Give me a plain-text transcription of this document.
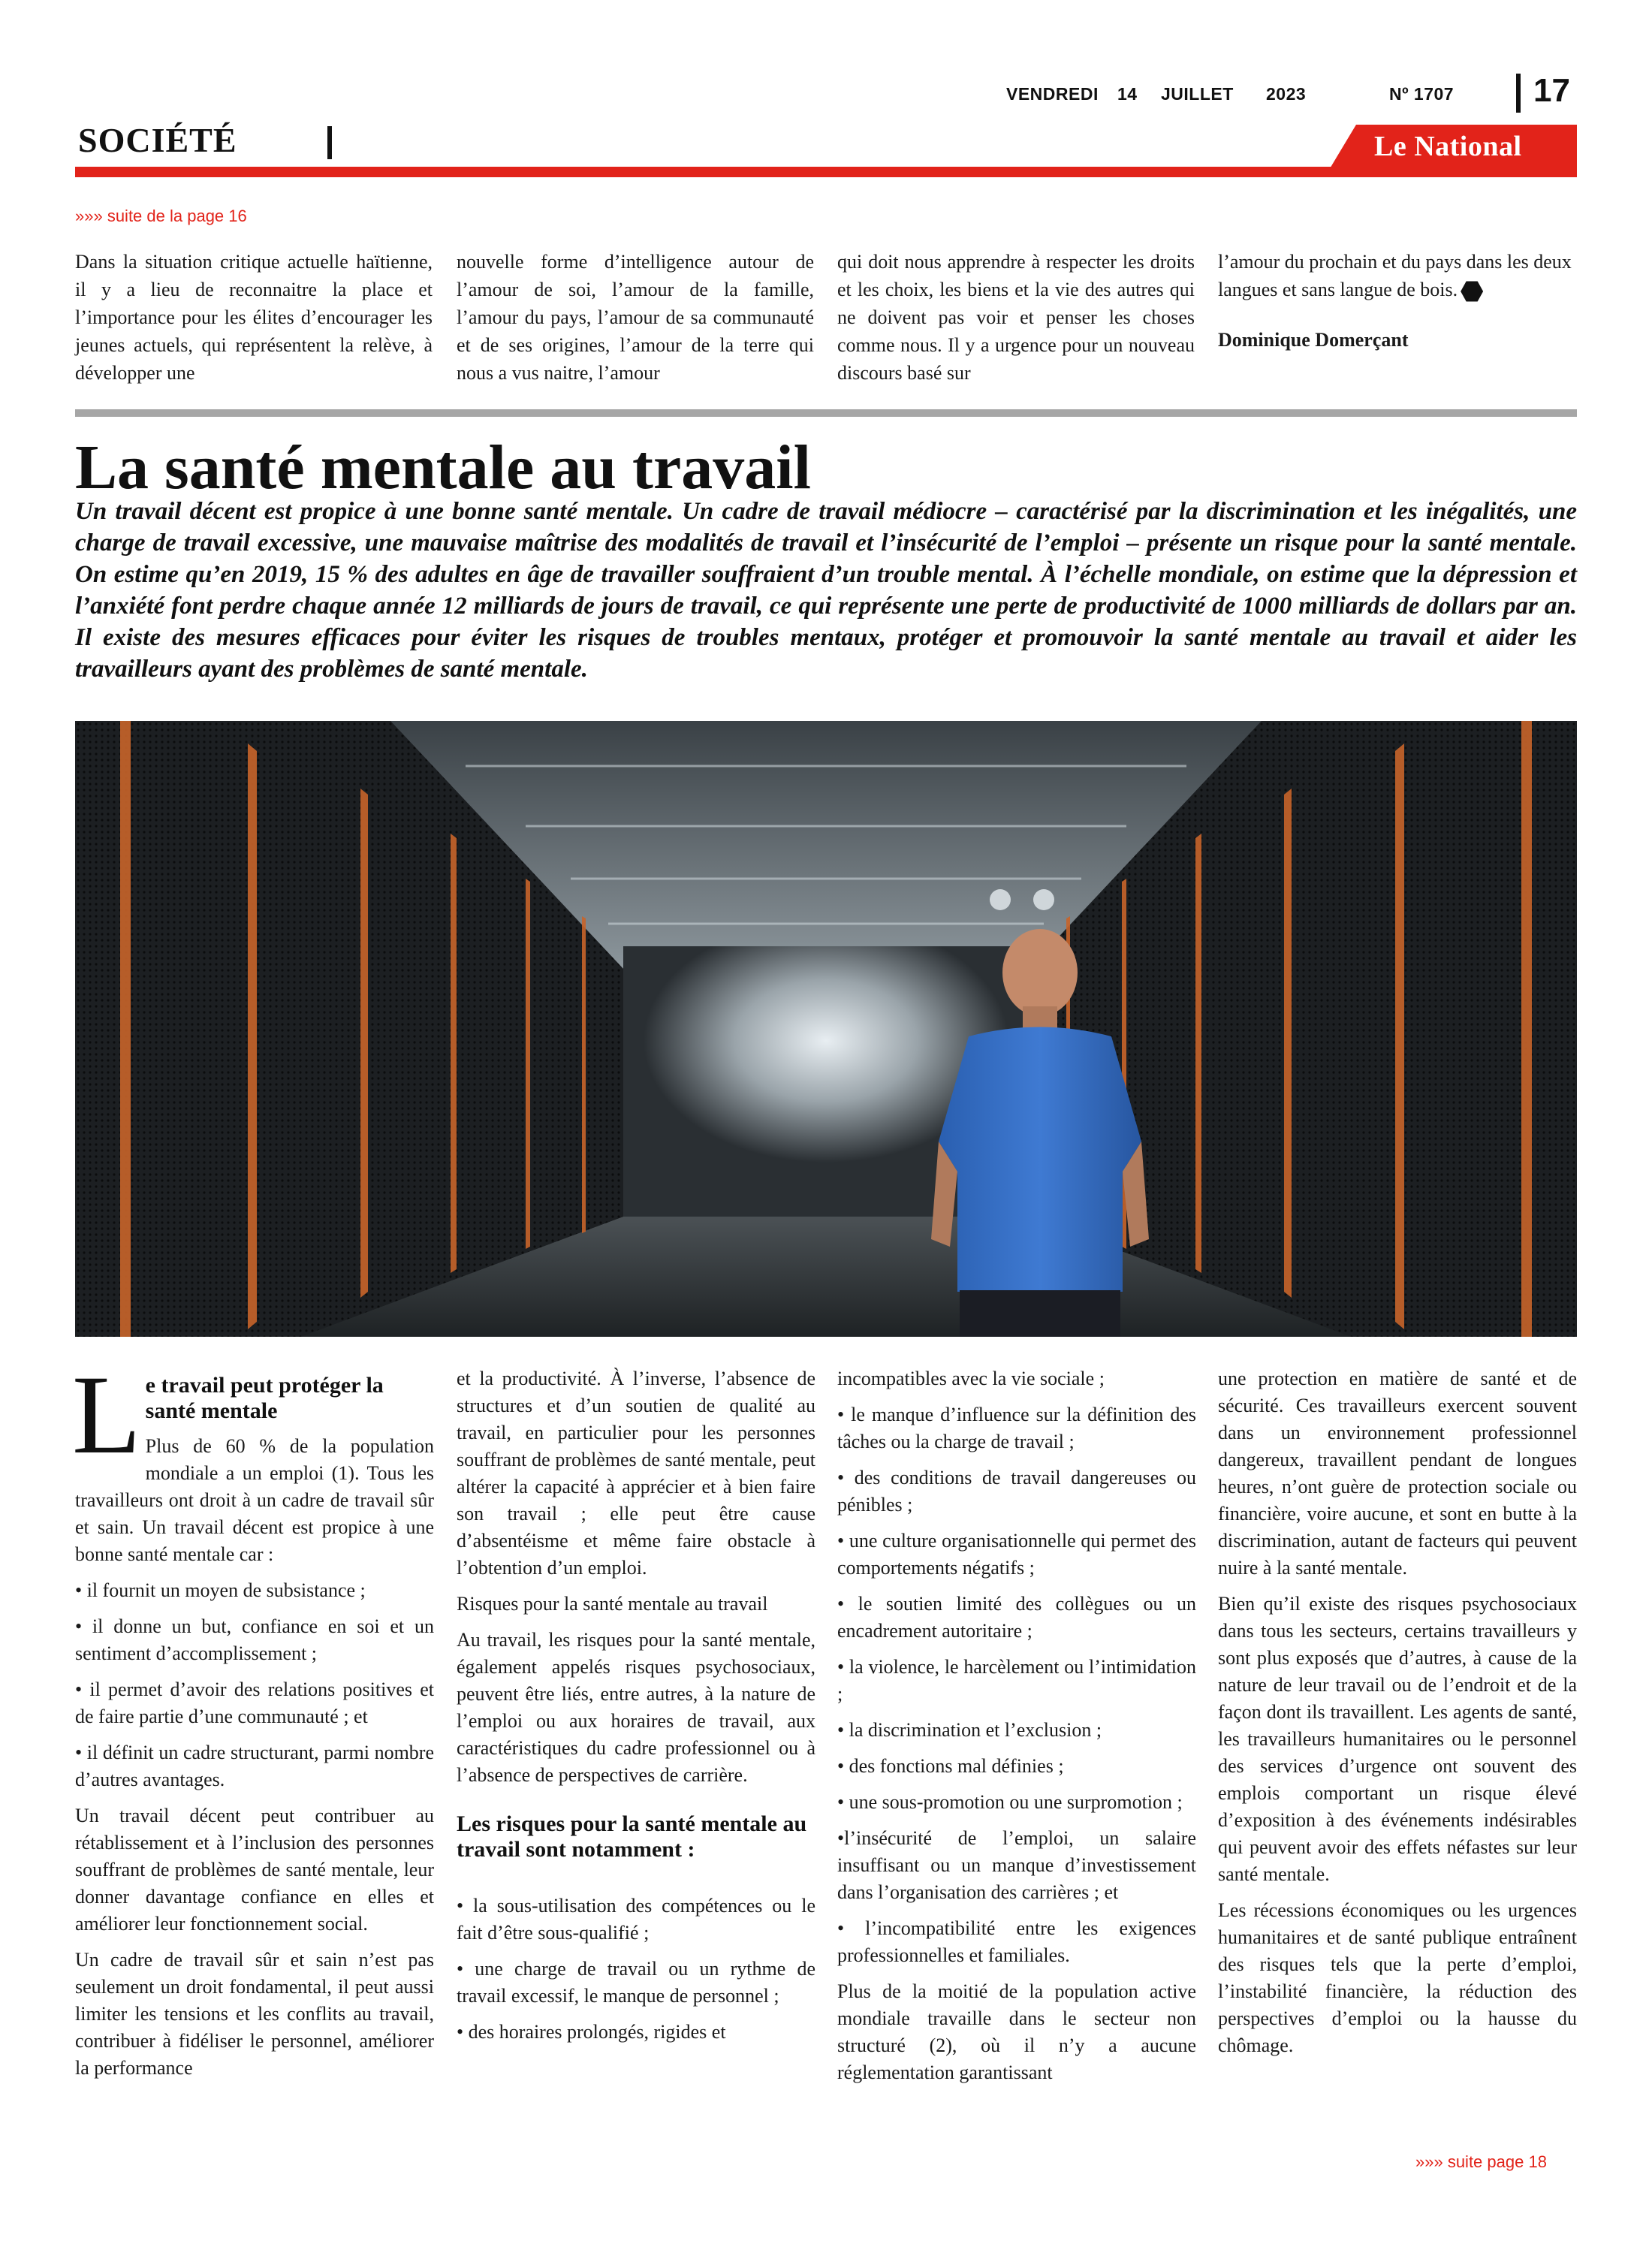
VENDREDI 14 JUILLET 2023	Nº 1707 17
SOCIÉTÉ	Le National
»»» suite de la page 16

Dans la situation critique actuelle haïtienne, il y a lieu de reconnaitre la place et l’importance pour les élites d’encourager les jeunes actuels, qui représentent la relève, à développer une

nouvelle forme d’intelligence autour de l’amour de soi, l’amour de la famille, l’amour du pays, l’amour de sa communauté et de ses origines, l’amour de la terre qui nous a vus naitre, l’amour

qui doit nous apprendre à respecter les droits et les choix, les biens et la vie des autres qui ne doivent pas voir et penser les choses comme nous. Il y a urgence pour un nouveau discours basé sur

l’amour du prochain et du pays dans les deux langues et sans langue de bois.

Dominique Domerçant

La santé mentale au travail

Un travail décent est propice à une bonne santé mentale. Un cadre de travail médiocre – caractérisé par la discrimination et les inégalités, une charge de travail excessive, une mauvaise maîtrise des modalités de travail et l’insécurité de l’emploi – présente un risque pour la santé mentale. On estime qu’en 2019, 15 % des adultes en âge de travailler souffraient d’un trouble mental. À l’échelle mondiale, on estime que la dépression et l’anxiété font perdre chaque année 12 milliards de jours de travail, ce qui représente une perte de productivité de 1000 milliards de dollars par an. Il existe des mesures efficaces pour éviter les risques de troubles mentaux, protéger et promouvoir la santé mentale au travail et aider les travailleurs ayant des problèmes de santé mentale.

L e travail peut protéger la santé mentale

Plus de 60 % de la population mondiale a un emploi (1). Tous les travailleurs ont droit à un cadre de travail sûr et sain. Un travail décent est propice à une bonne santé mentale car :

• il fournit un moyen de subsistance ;

• il donne un but, confiance en soi et un sentiment d’accomplissement ;

• il permet d’avoir des relations positives et de faire partie d’une communauté ; et

• il définit un cadre structurant, parmi nombre d’autres avantages.

Un travail décent peut contribuer au rétablissement et à l’inclusion des personnes souffrant de problèmes de santé mentale, leur donner davantage confiance en elles et améliorer leur fonctionnement social.

Un cadre de travail sûr et sain n’est pas seulement un droit fondamental, il peut aussi limiter les tensions et les conflits au travail, contribuer à fidéliser le personnel, améliorer la performance

et la productivité. À l’inverse, l’absence de structures et d’un soutien de qualité au travail, en particulier pour les personnes souffrant de problèmes de santé mentale, peut altérer la capacité à apprécier et à bien faire son travail ; elle peut être cause d’absentéisme et même faire obstacle à l’obtention d’un emploi.

Risques pour la santé mentale au travail

Au travail, les risques pour la santé mentale, également appelés risques psychosociaux, peuvent être liés, entre autres, à la nature de l’emploi ou aux horaires de travail, aux caractéristiques du cadre professionnel ou à l’absence de perspectives de carrière.

Les risques pour la santé mentale au travail sont notamment :

• la sous-utilisation des compétences ou le fait d’être sous-qualifié ;

• une charge de travail ou un rythme de travail excessif, le manque de personnel ;

• des horaires prolongés, rigides et

incompatibles avec la vie sociale ;

• le manque d’influence sur la définition des tâches ou la charge de travail ;

• des conditions de travail dangereuses ou pénibles ;

• une culture organisationnelle qui permet des comportements négatifs ;

• le soutien limité des collègues ou un encadrement autoritaire ;

• la violence, le harcèlement ou l’intimidation ;

• la discrimination et l’exclusion ;

• des fonctions mal définies ;

• une sous-promotion ou une surpromotion ;

•l’insécurité de l’emploi, un salaire insuffisant ou un manque d’investissement dans l’organisation des carrières ; et

• l’incompatibilité entre les exigences professionnelles et familiales.

Plus de la moitié de la population active mondiale travaille dans le secteur non structuré (2), où il n’y a aucune réglementation garantissant

une protection en matière de santé et de sécurité. Ces travailleurs exercent souvent dans un environnement professionnel dangereux, travaillent pendant de longues heures, n’ont guère de protection sociale ou financière, voire aucune, et sont en butte à la discrimination, autant de facteurs qui peuvent nuire à la santé mentale.

Bien qu’il existe des risques psychosociaux dans tous les secteurs, certains travailleurs y sont plus exposés que d’autres, à cause de la nature de leur travail ou de l’endroit et de la façon dont ils travaillent. Les agents de santé, les travailleurs humanitaires ou le personnel des services d’urgence ont souvent des emplois comportant un risque élevé d’exposition à des événements indésirables qui peuvent avoir des effets néfastes sur leur santé mentale.

Les récessions économiques ou les urgences humanitaires et de santé publique entraînent des risques tels que la perte d’emploi, l’instabilité financière, la réduction des perspectives d’emploi ou la hausse du chômage.

»»» suite page 18
